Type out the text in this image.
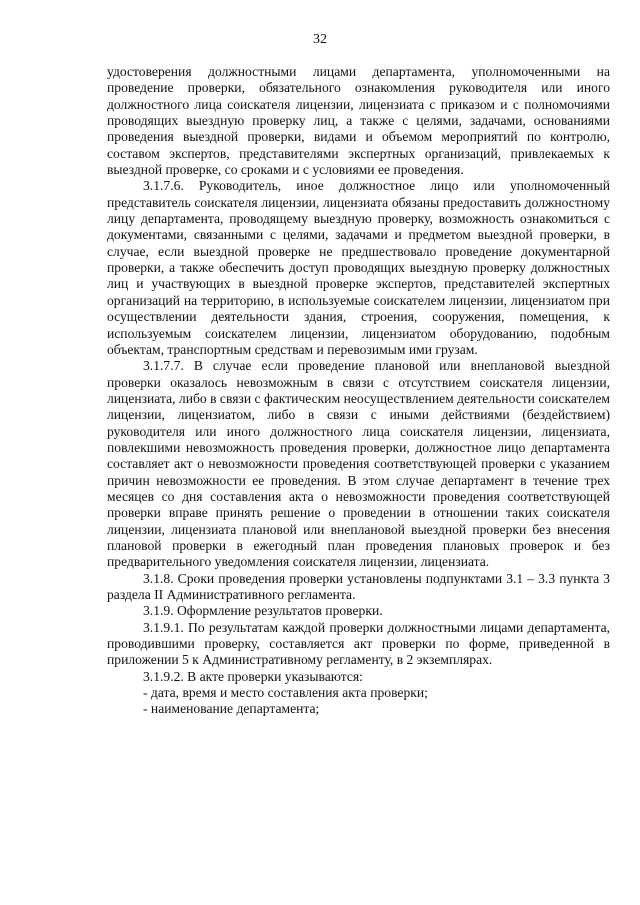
32

удостоверения должностными лицами департамента, уполномоченными на проведение проверки, обязательного ознакомления руководителя или иного должностного лица соискателя лицензии, лицензиата с приказом и с полномочиями проводящих выездную проверку лиц, а также с целями, задачами, основаниями проведения выездной проверки, видами и объемом мероприятий по контролю, составом экспертов, представителями экспертных организаций, привлекаемых к выездной проверке, со сроками и с условиями ее проведения.

3.1.7.6. Руководитель, иное должностное лицо или уполномоченный представитель соискателя лицензии, лицензиата обязаны предоставить должностному лицу департамента, проводящему выездную проверку, возможность ознакомиться с документами, связанными с целями, задачами и предметом выездной проверки, в случае, если выездной проверке не предшествовало проведение документарной проверки, а также обеспечить доступ проводящих выездную проверку должностных лиц и участвующих в выездной проверке экспертов, представителей экспертных организаций на территорию, в используемые соискателем лицензии, лицензиатом при осуществлении деятельности здания, строения, сооружения, помещения, к используемым соискателем лицензии, лицензиатом оборудованию, подобным объектам, транспортным средствам и перевозимым ими грузам.

3.1.7.7. В случае если проведение плановой или внеплановой выездной проверки оказалось невозможным в связи с отсутствием соискателя лицензии, лицензиата, либо в связи с фактическим неосуществлением деятельности соискателем лицензии, лицензиатом, либо в связи с иными действиями (бездействием) руководителя или иного должностного лица соискателя лицензии, лицензиата, повлекшими невозможность проведения проверки, должностное лицо департамента составляет акт о невозможности проведения соответствующей проверки с указанием причин невозможности ее проведения. В этом случае департамент в течение трех месяцев со дня составления акта о невозможности проведения соответствующей проверки вправе принять решение о проведении в отношении таких соискателя лицензии, лицензиата плановой или внеплановой выездной проверки без внесения плановой проверки в ежегодный план проведения плановых проверок и без предварительного уведомления соискателя лицензии, лицензиата.

3.1.8. Сроки проведения проверки установлены подпунктами 3.1 – 3.3 пункта 3 раздела II Административного регламента.

3.1.9. Оформление результатов проверки.

3.1.9.1. По результатам каждой проверки должностными лицами департамента, проводившими проверку, составляется акт проверки по форме, приведенной в приложении 5 к Административному регламенту, в 2 экземплярах.

3.1.9.2. В акте проверки указываются:

- дата, время и место составления акта проверки;

- наименование департамента;
